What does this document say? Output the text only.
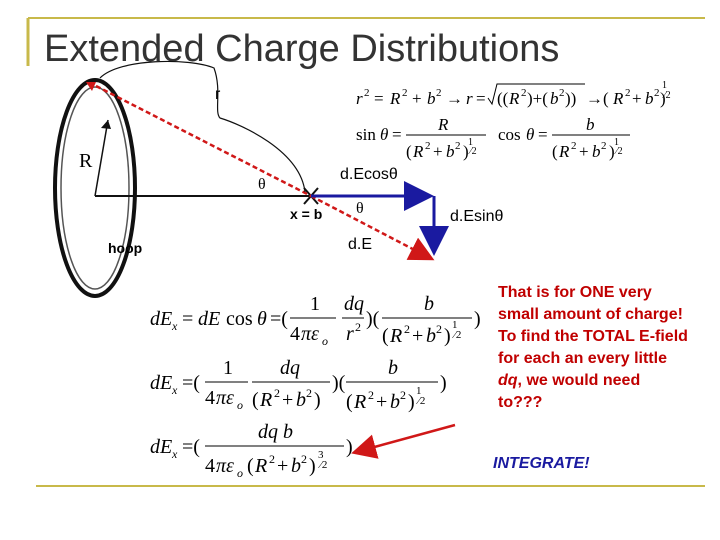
Extended Charge Distributions
r 2 = R 2 + b 2 → r = (( R 2 )+( b 2 )) →( R 2 + b 2 )
1
⁄2
sin θ =
R
( R 2 + b 2 ) 1
⁄2
cos θ =
b
( R 2 + b 2 ) 1
⁄2
dE x = dE cos θ =(
1
4 πε o
dq
r 2 )(
b
( R 2 + b 2 ) 1
⁄2
)
dE x =(
1
4 πε o
dq
( R 2 + b 2 )
)(
b
( R 2 + b 2 ) 1
⁄2
)
dE x =(
dq b
4 πε o ( R 2 + b 2 ) 3
⁄2
)
r
R
θ
x = b
hoop
d.Ecosθ
θ	d.Esinθ
d.E
That is for ONE very small amount of charge! To find the TOTAL E-field for each an every little dq, we would need to???
INTEGRATE!
